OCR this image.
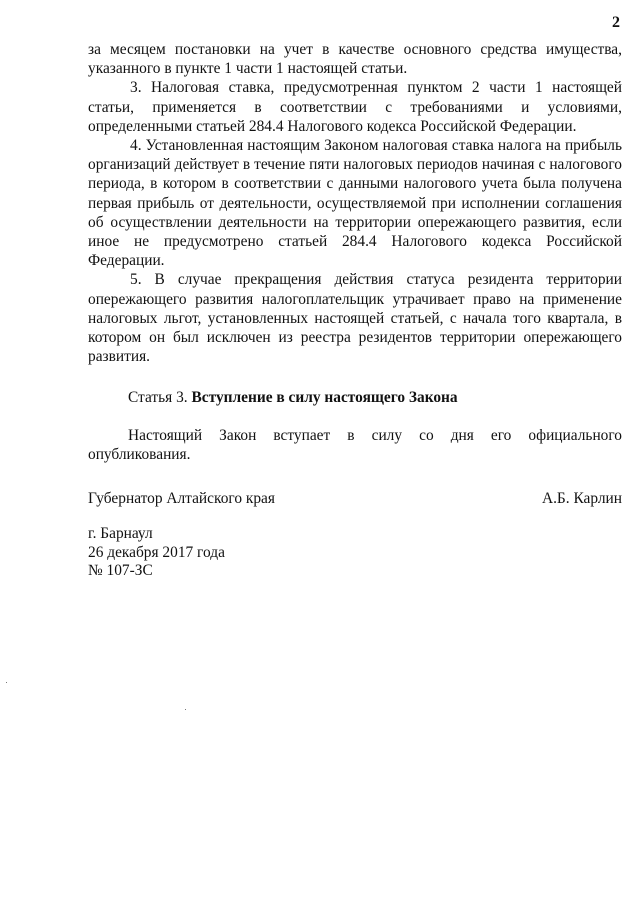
2

за месяцем постановки на учет в качестве основного средства имущества, указанного в пункте 1 части 1 настоящей статьи.

3. Налоговая ставка, предусмотренная пунктом 2 части 1 настоящей статьи, применяется в соответствии с требованиями и условиями, определенными статьей 284.4 Налогового кодекса Российской Федерации.

4. Установленная настоящим Законом налоговая ставка налога на прибыль организаций действует в течение пяти налоговых периодов начиная с налогового периода, в котором в соответствии с данными налогового учета была получена первая прибыль от деятельности, осуществляемой при исполнении соглашения об осуществлении деятельности на территории опережающего развития, если иное не предусмотрено статьей 284.4 Налогового кодекса Российской Федерации.

5. В случае прекращения действия статуса резидента территории опережающего развития налогоплательщик утрачивает право на применение налоговых льгот, установленных настоящей статьей, с начала того квартала, в котором он был исключен из реестра резидентов территории опережающего развития.

Статья 3. Вступление в силу настоящего Закона

Настоящий Закон вступает в силу со дня его официального опубликования.

Губернатор Алтайского края	А.Б. Карлин
г. Барнаул
26 декабря 2017 года
№ 107-ЗС
